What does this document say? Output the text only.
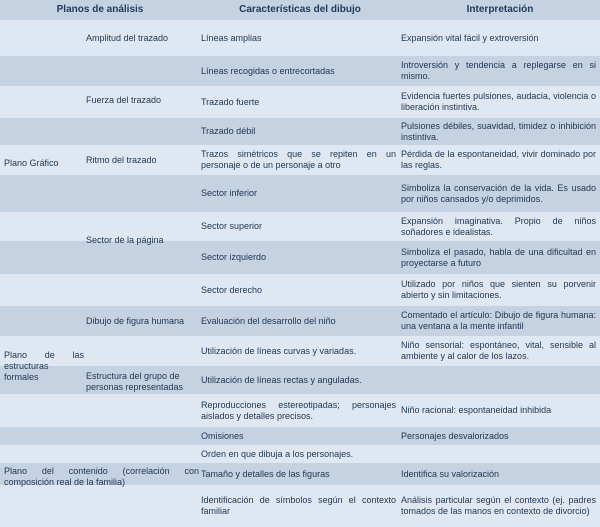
Planos de análisis	Características del dibujo	Interpretación
Plano Gráfico
Plano de las estructuras formales
Plano del contenido (correlación con composición real de la familia)
Amplitud del trazado
Fuerza del trazado
Ritmo del trazado
Sector de la página
Dibujo de figura humana
Estructura del grupo de personas representadas
Líneas amplias
Líneas recogidas o entrecortadas
Trazado fuerte
Trazado débil
Trazos simétricos que se repiten en un personaje o de un personaje a otro
Sector inferior
Sector superior
Sector izquierdo
Sector derecho
Evaluación del desarrollo del niño
Utilización de líneas curvas y variadas.
Utilización de líneas rectas y anguladas.
Reproducciones estereotipadas; personajes aislados y detalles precisos.
Omisiones
Orden en que dibuja a los personajes.
Tamaño y detalles de las figuras
Identificación de símbolos según el contexto familiar
Expansión vital fácil y extroversión
Introversión y tendencia a replegarse en si mismo.
Evidencia fuertes pulsiones, audacia, violencia o liberación instintiva.
Pulsiones débiles, suavidad, timidez o inhibición instintiva.
Pérdida de la espontaneidad, vivir dominado por las reglas.
Simboliza la conservación de la vida. Es usado por niños cansados y/o deprimidos.
Expansión imaginativa. Propio de niños soñadores e idealistas.
Simboliza el pasado, habla de una dificultad en proyectarse a futuro
Utilizado por niños que sienten su porvenir abierto y sin limitaciones.
Comentado el artículo: Dibujo de figura humana: una ventana a la mente infantil
Niño sensorial: espontáneo, vital, sensible al ambiente y al calor de los lazos.
Niño racional: espontaneidad inhibida
Personajes desvalorizados
Identifica su valorización
Análisis particular según el contexto (ej. padres tomados de las manos en contexto de divorcio)
